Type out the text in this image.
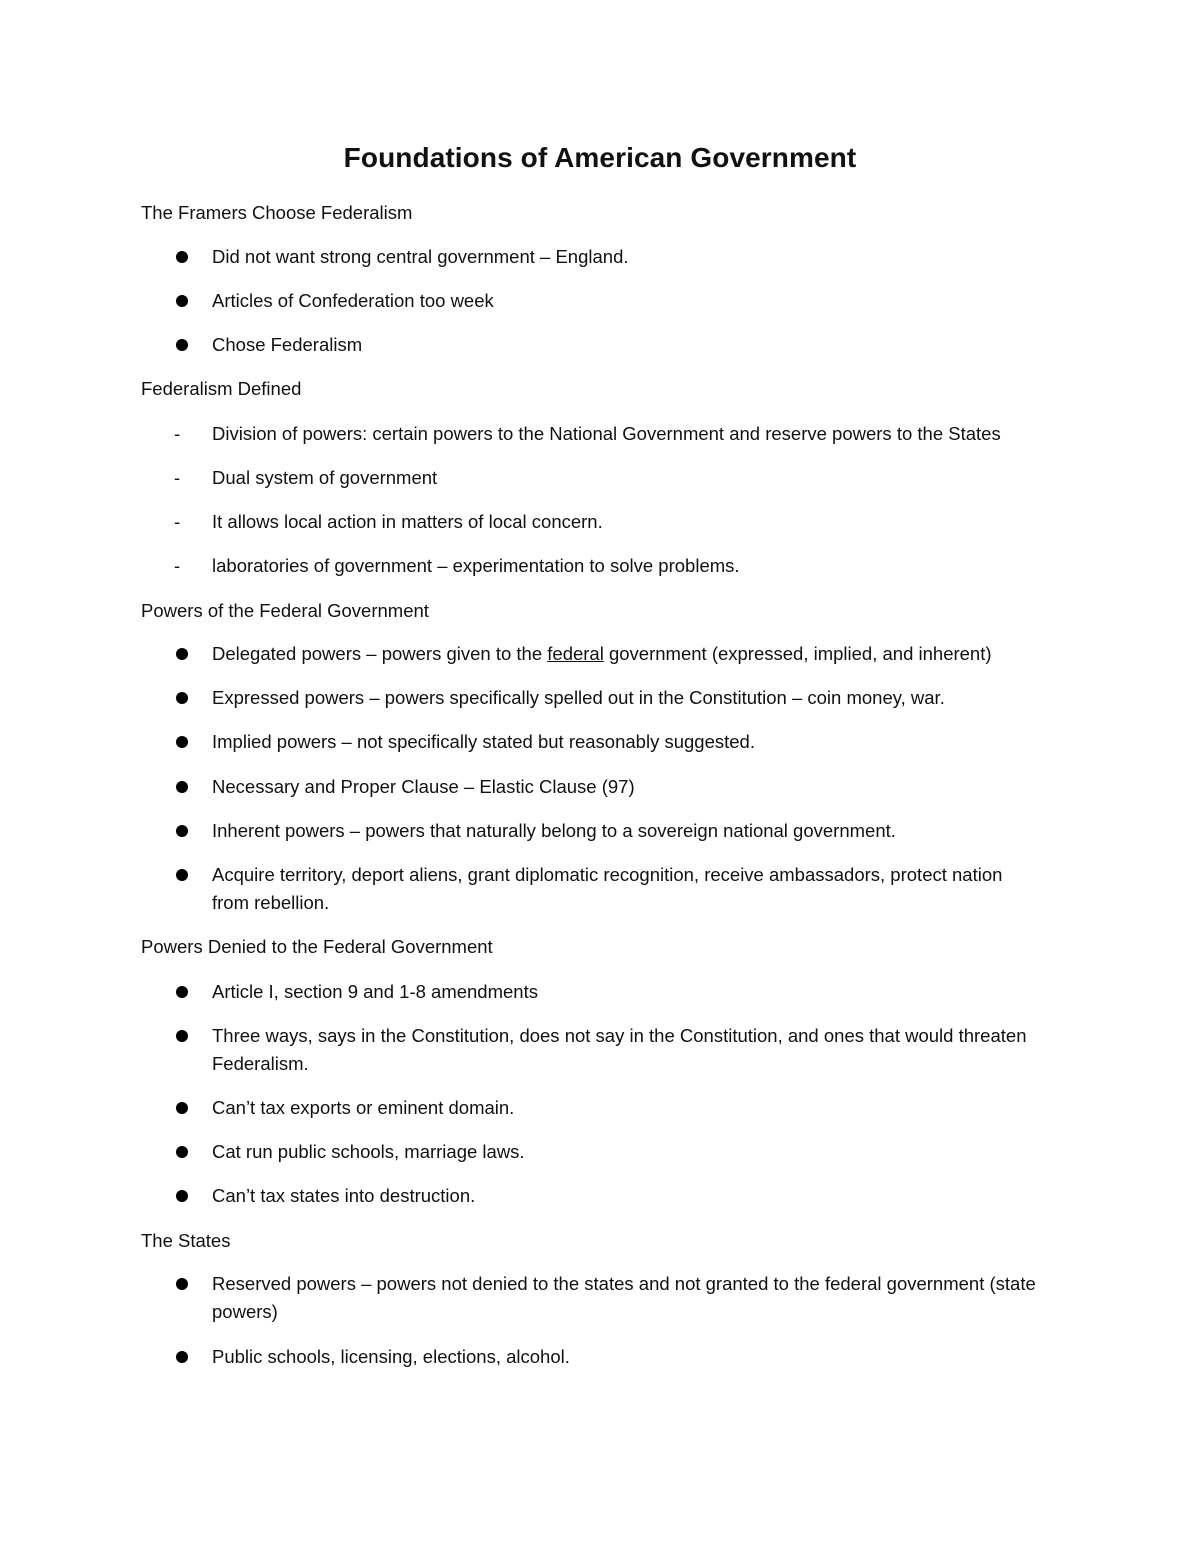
Foundations of American Government
The Framers Choose Federalism
Did not want strong central government – England.
Articles of Confederation too week
Chose Federalism
Federalism Defined
- Division of powers: certain powers to the National Government and reserve powers to the States
- Dual system of government
- It allows local action in matters of local concern.
- laboratories of government – experimentation to solve problems.
Powers of the Federal Government
Delegated powers – powers given to the federal government (expressed, implied, and inherent)
Expressed powers – powers specifically spelled out in the Constitution – coin money, war.
Implied powers – not specifically stated but reasonably suggested.
Necessary and Proper Clause – Elastic Clause (97)
Inherent powers – powers that naturally belong to a sovereign national government.
Acquire territory, deport aliens, grant diplomatic recognition, receive ambassadors, protect nation from rebellion.
Powers Denied to the Federal Government
Article I, section 9 and 1-8 amendments
Three ways, says in the Constitution, does not say in the Constitution, and ones that would threaten Federalism.
Can’t tax exports or eminent domain.
Cat run public schools, marriage laws.
Can’t tax states into destruction.
The States
Reserved powers – powers not denied to the states and not granted to the federal government (state powers)
Public schools, licensing, elections, alcohol.
